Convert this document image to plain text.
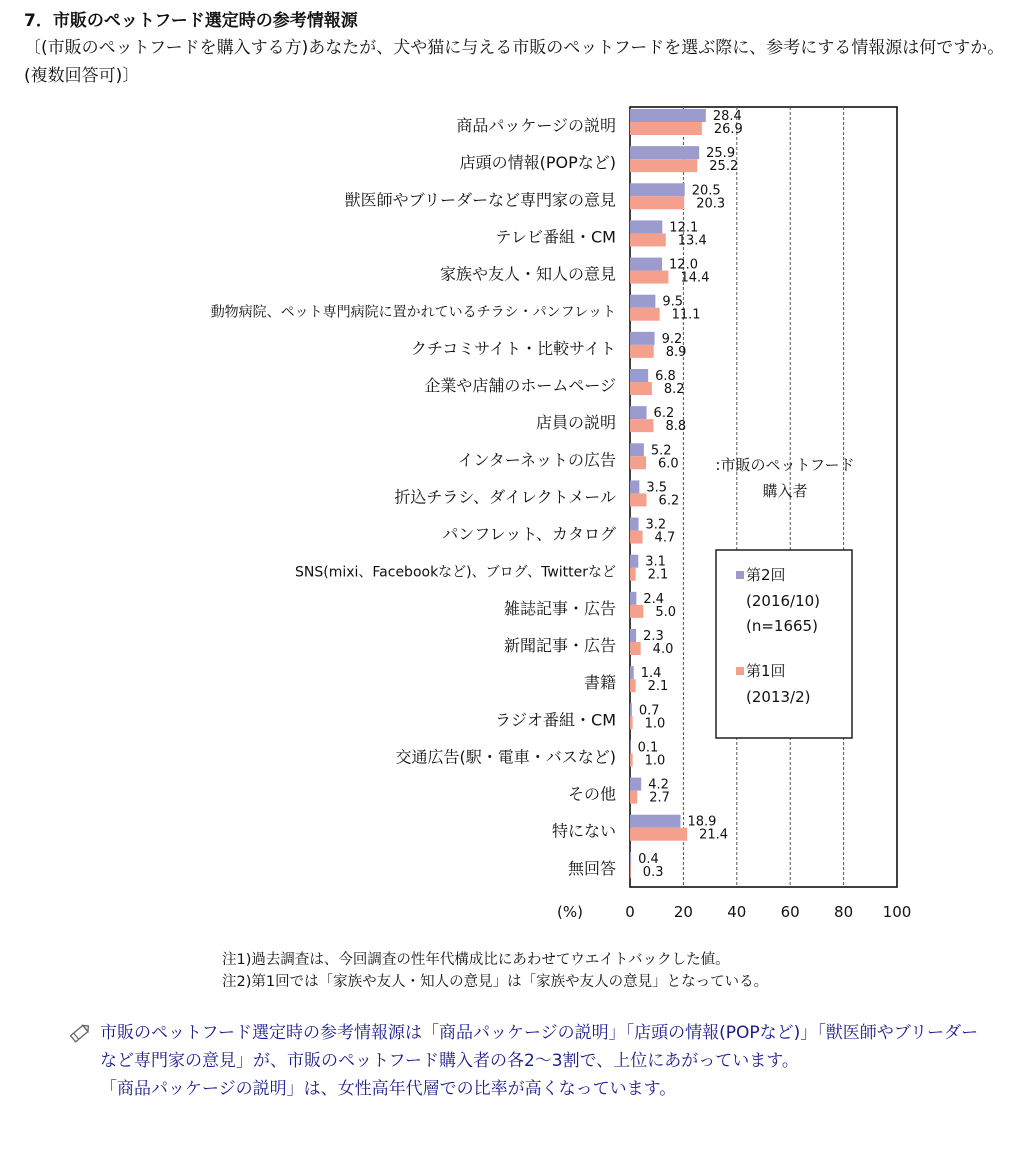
7．市販のペットフード選定時の参考情報源
〔(市販のペットフードを購入する方)あなたが、犬や猫に与える市販のペットフードを選ぶ際に、参考にする情報源は何ですか。(複数回答可)〕
0	20 40 60 80 100
(%)
28.4
26.9
商品パッケージの説明
25.9
25.2
店頭の情報(POPなど)
20.5
20.3
獣医師やブリーダーなど専門家の意見
12.1
13.4
テレビ番組・CM
12.0
14.4
家族や友人・知人の意見
9.5
11.1
動物病院、ペット専門病院に置かれているチラシ・パンフレット
9.2
8.9
クチコミサイト・比較サイト
6.8
8.2
企業や店舗のホームページ
6.2
8.8
店員の説明
5.2
6.0
インターネットの広告
3.5
6.2
折込チラシ、ダイレクトメール
3.2
4.7
パンフレット、カタログ
3.1
2.1
SNS(mixi、Facebookなど)、ブログ、Twitterなど
2.4
5.0
雑誌記事・広告
2.3
4.0
新聞記事・広告
1.4
2.1
書籍
0.7
1.0
ラジオ番組・CM
0.1
1.0
交通広告(駅・電車・バスなど)
4.2
2.7
その他
18.9
21.4
特にない
0.4
0.3
無回答
:市販のペットフード
購入者
第2回
(2016/10)
(n=1665)
第1回
(2013/2)
注1)過去調査は、今回調査の性年代構成比にあわせてウエイトバックした値。
注2)第1回では「家族や友人・知人の意見」は「家族や友人の意見」となっている。
市販のペットフード選定時の参考情報源は「商品パッケージの説明」「店頭の情報(POPなど)」「獣医師やブリーダーなど専門家の意見」が、市販のペットフード購入者の各2〜3割で、上位にあがっています。
「商品パッケージの説明」は、女性高年代層での比率が高くなっています。
